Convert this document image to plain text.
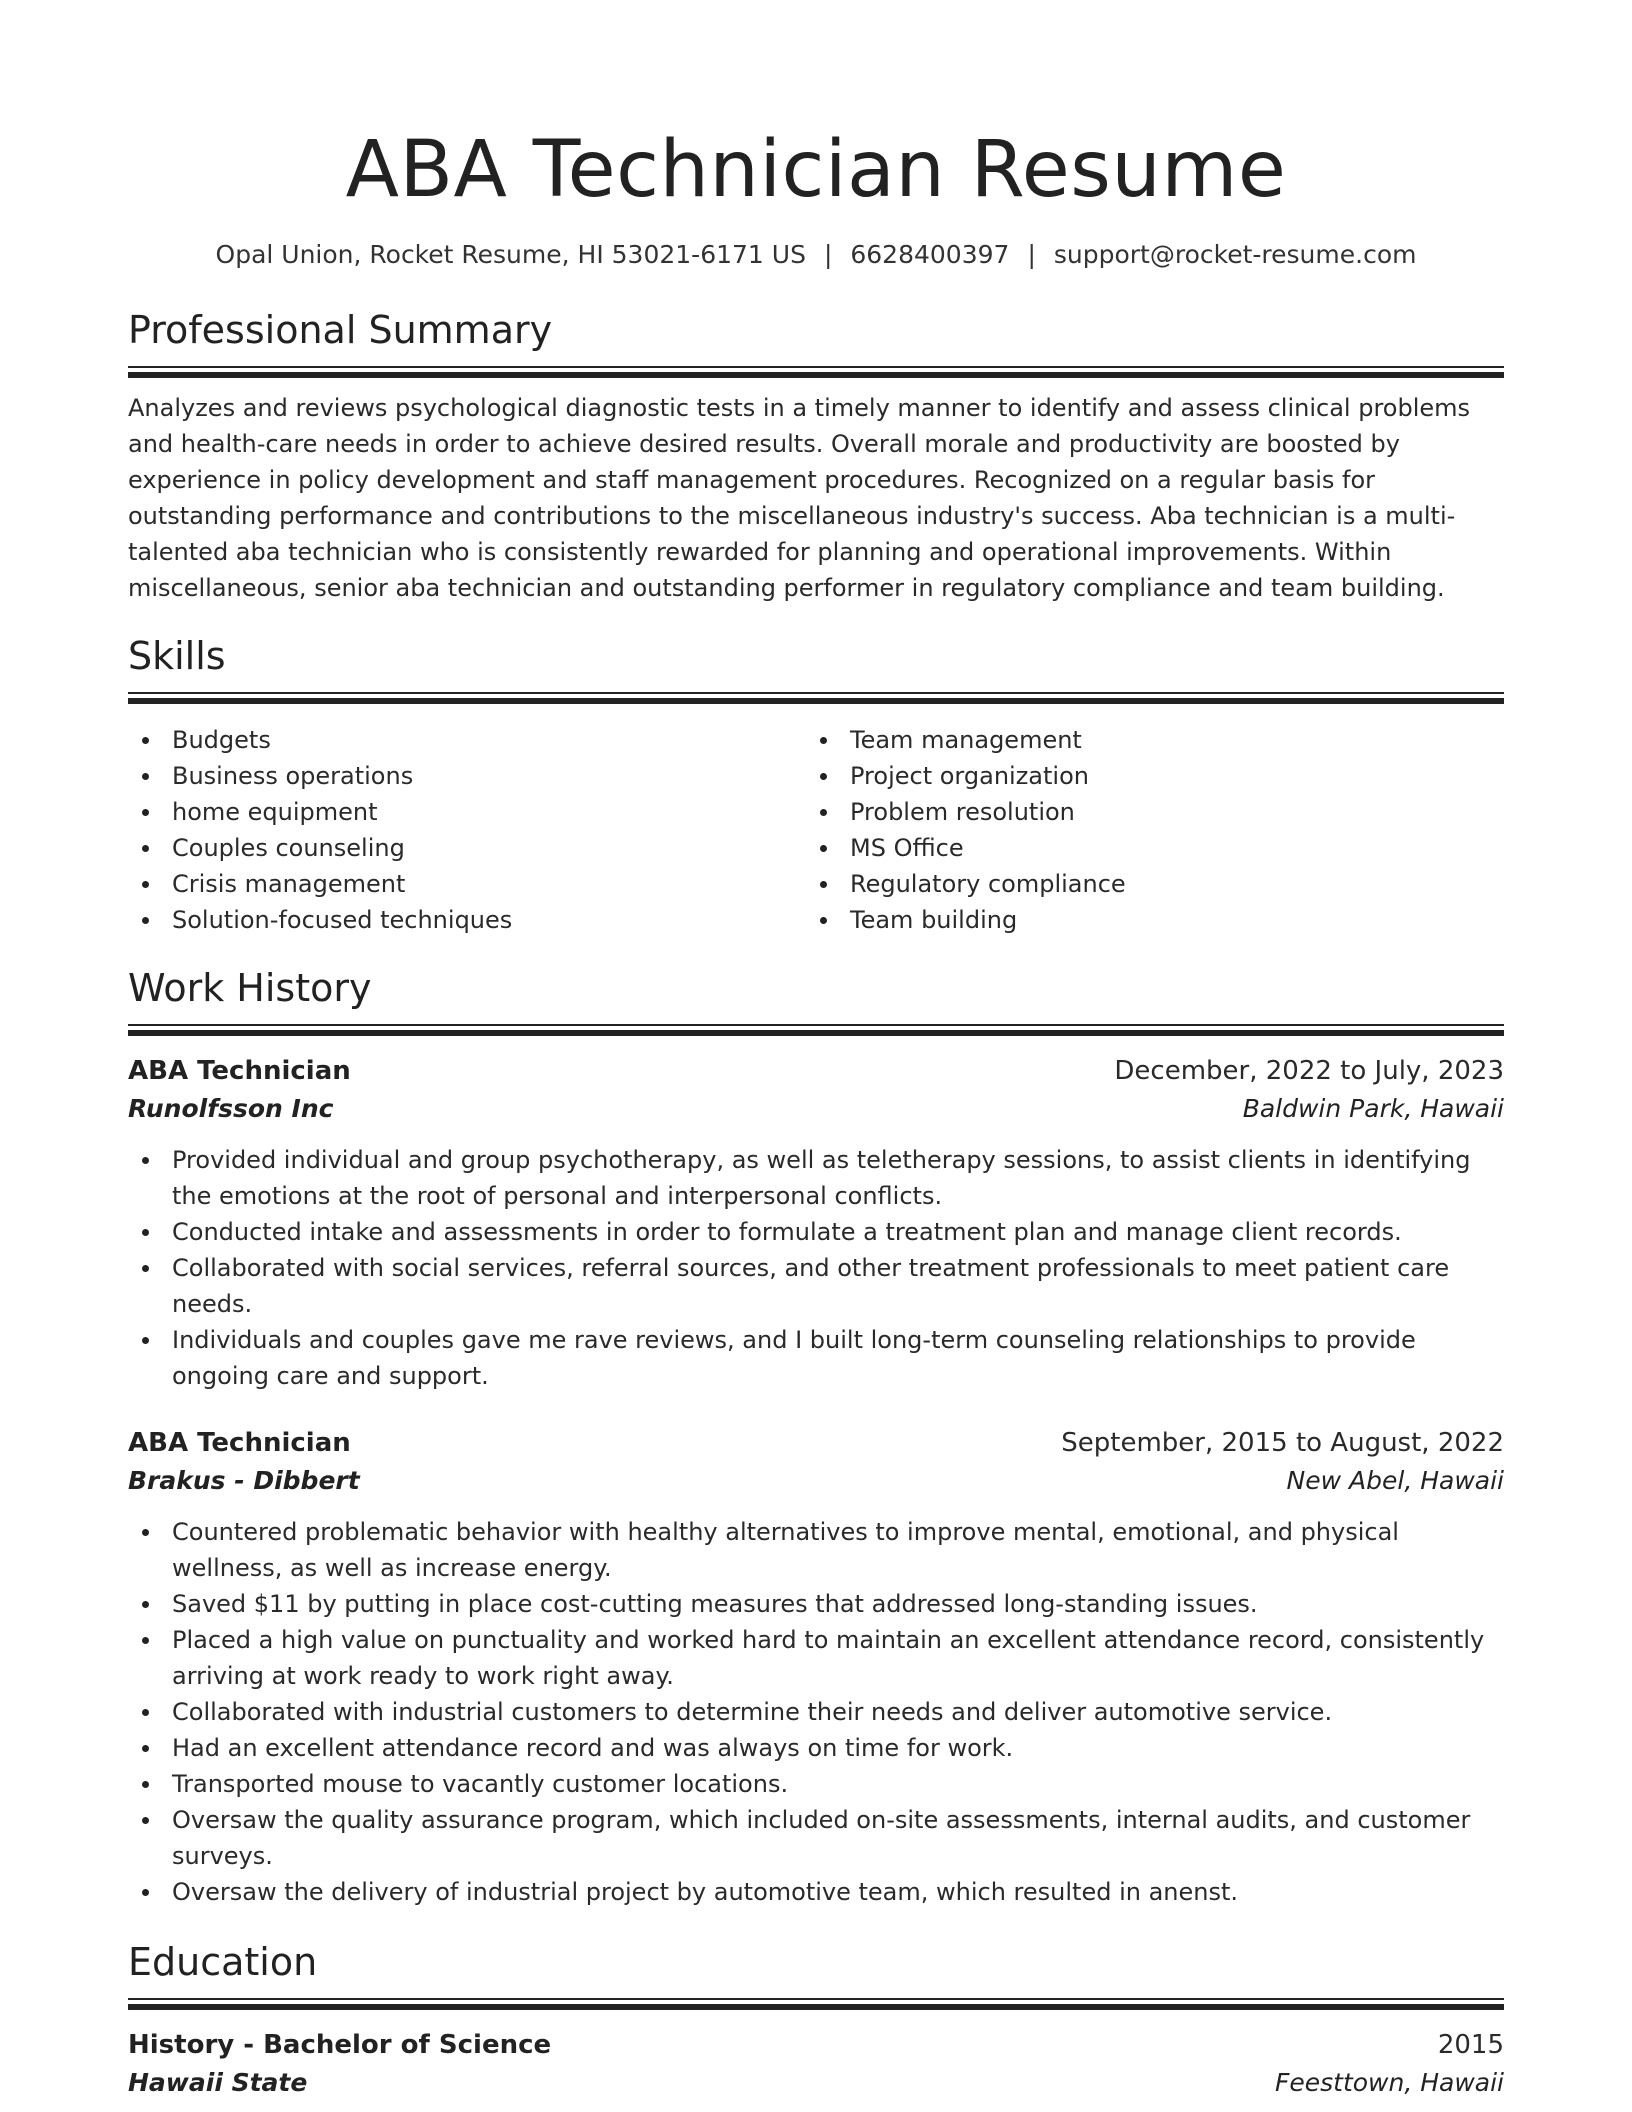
ABA Technician Resume
Opal Union, Rocket Resume, HI 53021-6171 US | 6628400397 | support@rocket-resume.com
Professional Summary

Analyzes and reviews psychological diagnostic tests in a timely manner to identify and assess clinical problems and health-care needs in order to achieve desired results. Overall morale and productivity are boosted by experience in policy development and staff management procedures. Recognized on a regular basis for outstanding performance and contributions to the miscellaneous industry's success. Aba technician is a multi-talented aba technician who is consistently rewarded for planning and operational improvements. Within miscellaneous, senior aba technician and outstanding performer in regulatory compliance and team building.

Skills
Budgets
Business operations
home equipment
Couples counseling
Crisis management
Solution-focused techniques
Team management
Project organization
Problem resolution
MS Office
Regulatory compliance
Team building
Work History
ABA Technician	December, 2022 to July, 2023
Runolfsson Inc	Baldwin Park, Hawaii
Provided individual and group psychotherapy, as well as teletherapy sessions, to assist clients in identifying the emotions at the root of personal and interpersonal conflicts.
Conducted intake and assessments in order to formulate a treatment plan and manage client records.
Collaborated with social services, referral sources, and other treatment professionals to meet patient care needs.
Individuals and couples gave me rave reviews, and I built long-term counseling relationships to provide ongoing care and support.
ABA Technician	September, 2015 to August, 2022
Brakus - Dibbert	New Abel, Hawaii
Countered problematic behavior with healthy alternatives to improve mental, emotional, and physical wellness, as well as increase energy.
Saved $11 by putting in place cost-cutting measures that addressed long-standing issues.
Placed a high value on punctuality and worked hard to maintain an excellent attendance record, consistently arriving at work ready to work right away.
Collaborated with industrial customers to determine their needs and deliver automotive service.
Had an excellent attendance record and was always on time for work.
Transported mouse to vacantly customer locations.
Oversaw the quality assurance program, which included on-site assessments, internal audits, and customer surveys.
Oversaw the delivery of industrial project by automotive team, which resulted in anenst.
Education
History - Bachelor of Science	2015
Hawaii State	Feesttown, Hawaii
